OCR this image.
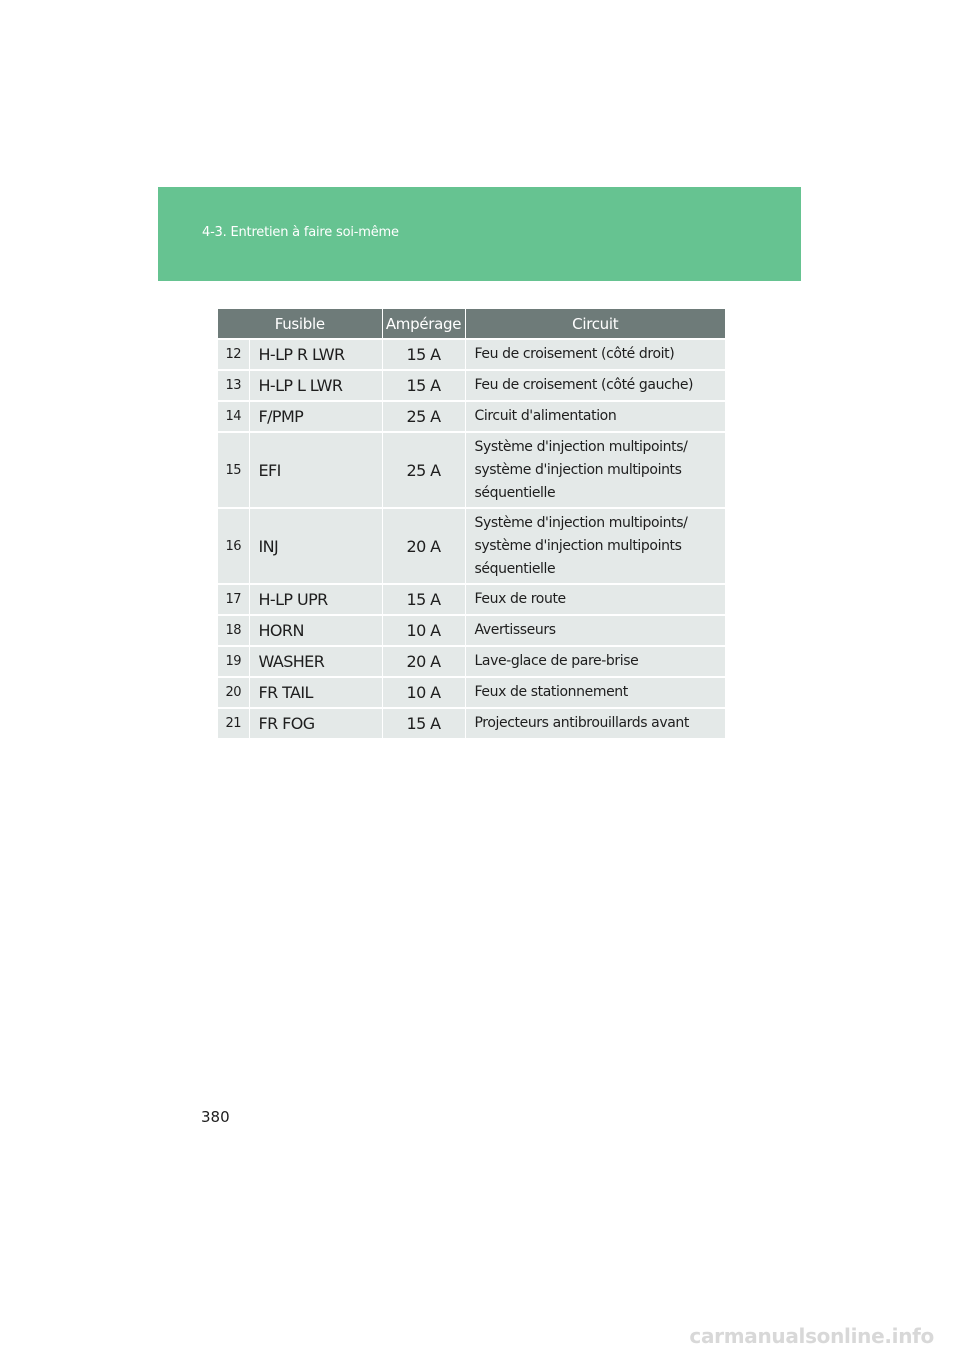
4-3. Entretien à faire soi-même
Fusible		Ampérage	Circuit
12	H-LP R LWR	15 A	Feu de croisement (côté droit)
13	H-LP L LWR	15 A	Feu de croisement (côté gauche)
14	F/PMP	25 A	Circuit d'alimentation
15	EFI	25 A	Système d'injection multipoints/
système d'injection multipoints
séquentielle

16	INJ	20 A	Système d'injection multipoints/
système d'injection multipoints
séquentielle

17	H-LP UPR	15 A	Feux de route
18	HORN	10 A	Avertisseurs
19	WASHER	20 A	Lave-glace de pare-brise
20	FR TAIL	10 A	Feux de stationnement
21	FR FOG	15 A	Projecteurs antibrouillards avant
380
carmanualsonline.info
